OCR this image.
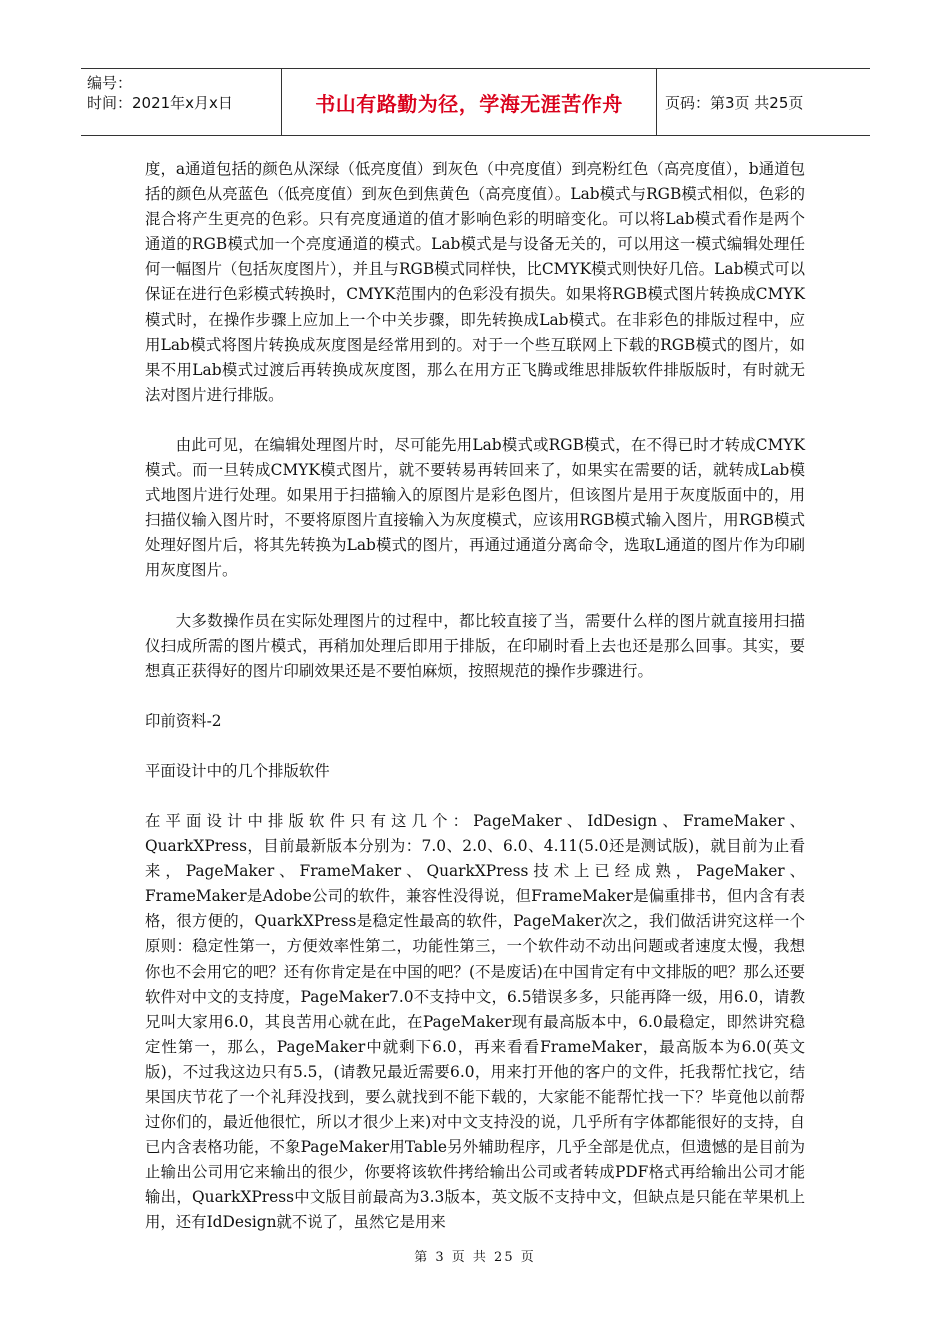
编号：
时间：2021年x月x日	书山有路勤为径，学海无涯苦作舟	页码：第3页 共25页

度，a通道包括的颜色从深绿（低亮度值）到灰色（中亮度值）到亮粉红色（高亮度值），b通道包括的颜色从亮蓝色（低亮度值）到灰色到焦黄色（高亮度值）。Lab模式与RGB模式相似，色彩的混合将产生更亮的色彩。只有亮度通道的值才影响色彩的明暗变化。可以将Lab模式看作是两个通道的RGB模式加一个亮度通道的模式。Lab模式是与设备无关的，可以用这一模式编辑处理任何一幅图片（包括灰度图片），并且与RGB模式同样快，比CMYK模式则快好几倍。Lab模式可以保证在进行色彩模式转换时，CMYK范围内的色彩没有损失。如果将RGB模式图片转换成CMYK模式时，在操作步骤上应加上一个中关步骤，即先转换成Lab模式。在非彩色的排版过程中，应用Lab模式将图片转换成灰度图是经常用到的。对于一个些互联网上下载的RGB模式的图片，如果不用Lab模式过渡后再转换成灰度图，那么在用方正飞腾或维思排版软件排版版时，有时就无法对图片进行排版。

由此可见，在编辑处理图片时，尽可能先用Lab模式或RGB模式，在不得已时才转成CMYK模式。而一旦转成CMYK模式图片，就不要转易再转回来了，如果实在需要的话，就转成Lab模式地图片进行处理。如果用于扫描输入的原图片是彩色图片，但该图片是用于灰度版面中的，用扫描仪输入图片时，不要将原图片直接输入为灰度模式，应该用RGB模式输入图片，用RGB模式处理好图片后，将其先转换为Lab模式的图片，再通过通道分离命令，选取L通道的图片作为印刷用灰度图片。

大多数操作员在实际处理图片的过程中，都比较直接了当，需要什么样的图片就直接用扫描仪扫成所需的图片模式，再稍加处理后即用于排版，在印刷时看上去也还是那么回事。其实，要想真正获得好的图片印刷效果还是不要怕麻烦，按照规范的操作步骤进行。

印前资料-2

平面设计中的几个排版软件

在平面设计中排版软件只有这几个：PageMaker、IdDesign、FrameMaker、QuarkXPress，目前最新版本分别为：7.0、2.0、6.0、4.11(5.0还是测试版)，就目前为止看来，PageMaker、FrameMaker、QuarkXPress技术上已经成熟，PageMaker、FrameMaker是Adobe公司的软件，兼容性没得说，但FrameMaker是偏重排书，但内含有表格，很方便的，QuarkXPress是稳定性最高的软件，PageMaker次之，我们做活讲究这样一个原则：稳定性第一，方便效率性第二，功能性第三，一个软件动不动出问题或者速度太慢，我想你也不会用它的吧？还有你肯定是在中国的吧？(不是废话)在中国肯定有中文排版的吧？那么还要软件对中文的支持度，PageMaker7.0不支持中文，6.5错误多多，只能再降一级，用6.0，请教兄叫大家用6.0，其良苦用心就在此，在PageMaker现有最高版本中，6.0最稳定，即然讲究稳定性第一，那么，PageMaker中就剩下6.0，再来看看FrameMaker，最高版本为6.0(英文版)，不过我这边只有5.5，(请教兄最近需要6.0，用来打开他的客户的文件，托我帮忙找它，结果国庆节花了一个礼拜没找到，要么就找到不能下载的，大家能不能帮忙找一下？毕竟他以前帮过你们的，最近他很忙，所以才很少上来)对中文支持没的说，几乎所有字体都能很好的支持，自已内含表格功能，不象PageMaker用Table另外辅助程序，几乎全部是优点，但遗憾的是目前为止输出公司用它来输出的很少，你要将该软件拷给输出公司或者转成PDF格式再给输出公司才能输出，QuarkXPress中文版目前最高为3.3版本，英文版不支持中文，但缺点是只能在苹果机上用，还有IdDesign就不说了，虽然它是用来

第 3 页 共 25 页
